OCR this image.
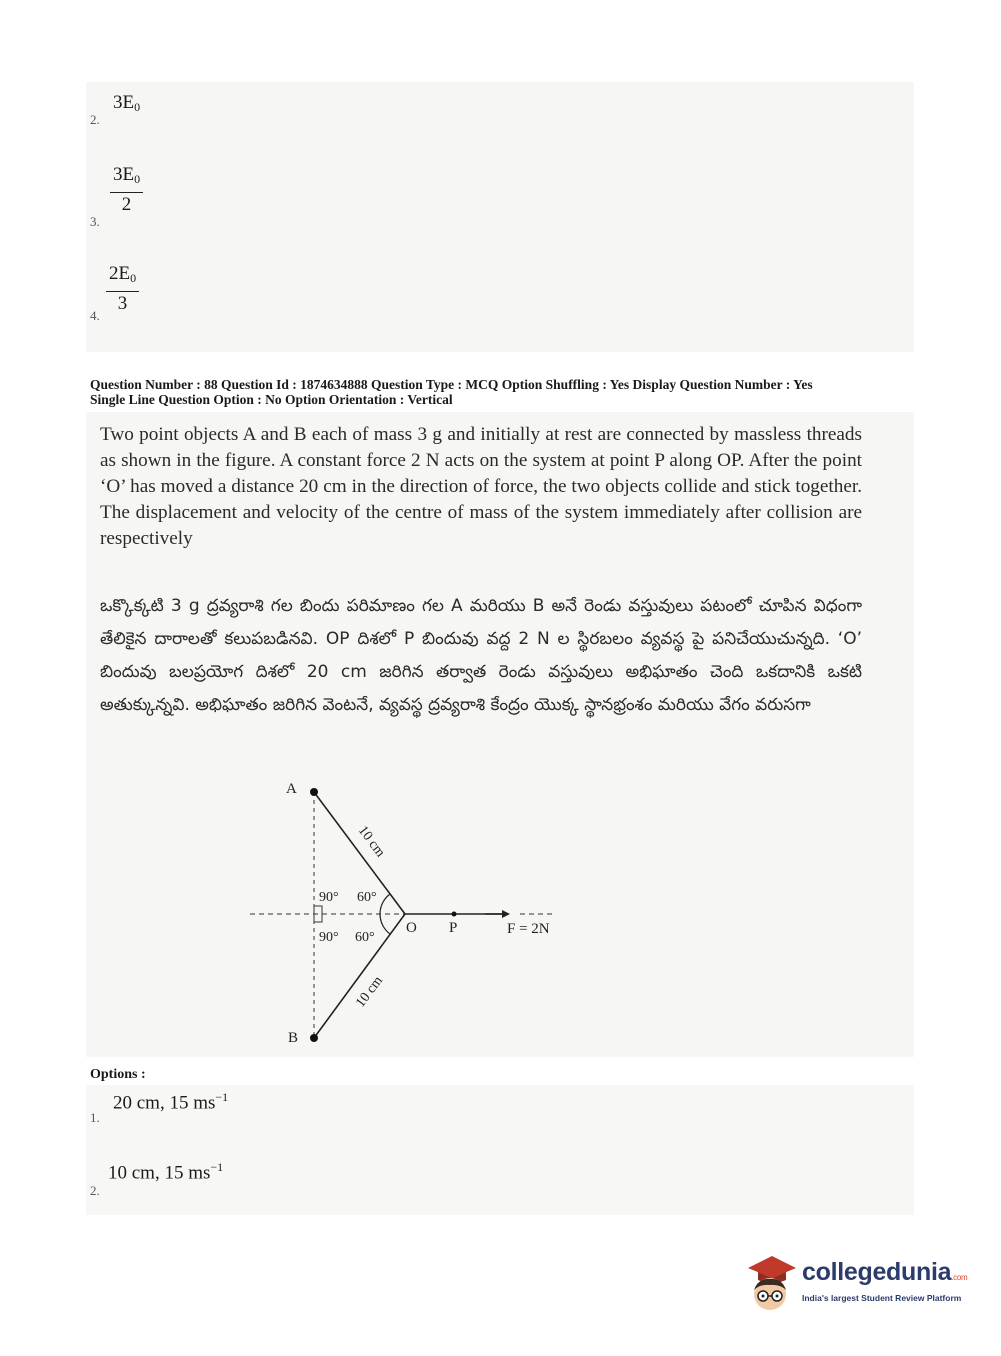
2.
$3E_0$
3.
$\frac{3E_0}{2}$
4. $\frac{2E_0}{3}$
Question Number : 88 Question Id : 1874634888 Question Type : MCQ Option Shuffling : Yes Display Question Number : Yes
Single Line Question Option : No Option Orientation : Vertical
Two point objects A and B each of mass 3 g and initially at rest are connected by massless threads as shown in the figure. A constant force 2 N acts on the system at point P along OP. After the point ‘O’ has moved a distance 20 cm in the direction of force, the two objects collide and stick together. The displacement and velocity of the centre of mass of the system immediately after collision are respectively
ఒక్కొక్కటి 3 g ద్రవ్యరాశి గల బిందు పరిమాణం గల A మరియు B అనే రెండు వస్తువులు పటంలో చూపిన విధంగా తేలికైన దారాలతో కలుపబడినవి. OP దిశలో P బిందువు వద్ద 2 N ల స్థిరబలం వ్యవస్థ పై పనిచేయుచున్నది. ‘O’ బిందువు బలప్రయోగ దిశలో 20 cm జరిగిన తర్వాత రెండు వస్తువులు అభిఘాతం చెంది ఒకదానికి ఒకటి అతుక్కున్నవి. అభిఘాతం జరిగిన వెంటనే, వ్యవస్థ ద్రవ్యరాశి కేంద్రం యొక్క స్థానభ్రంశం మరియు వేగం వరుసగా
A
B
O P	F = 2N
10 cm
10 cm
90° 60°
90° 60°
Options :
1.
20 cm, 15 $ms^{-1}$
2.
10 cm, 15 $ms^{-1}$
collegedunia.com
India's largest Student Review Platform
